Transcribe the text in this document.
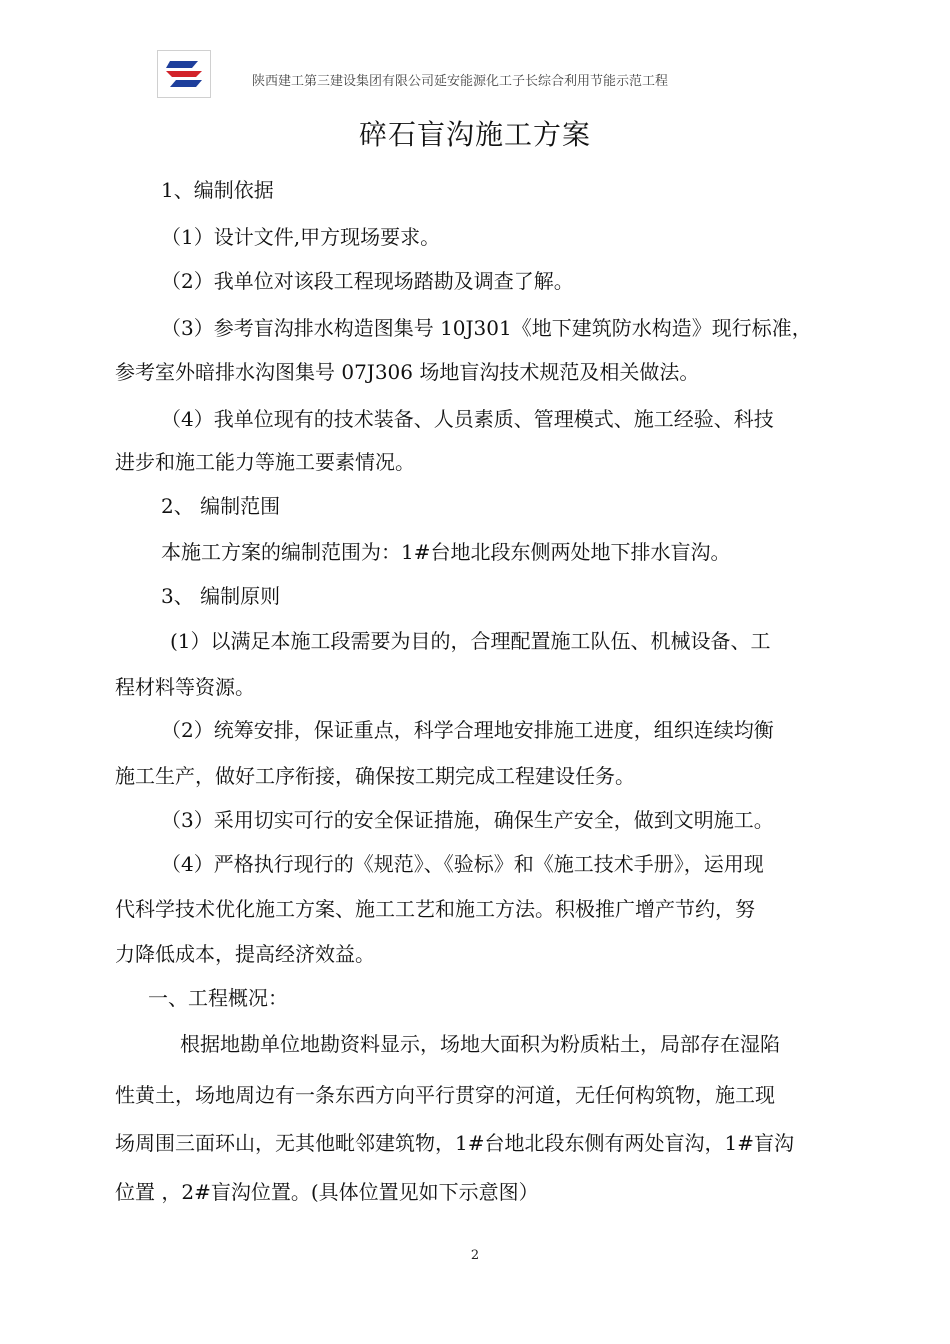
陕西建工第三建设集团有限公司延安能源化工子长综合利用节能示范工程
碎石盲沟施工方案
1、编制依据
（1）设计文件,甲方现场要求。
（2）我单位对该段工程现场踏勘及调查了解。
（3）参考盲沟排水构造图集号 10J301《地下建筑防水构造》现行标准，
参考室外暗排水沟图集号 07J306 场地盲沟技术规范及相关做法。
（4）我单位现有的技术装备、人员素质、管理模式、施工经验、科技
进步和施工能力等施工要素情况。
2、 编制范围
本施工方案的编制范围为：1#台地北段东侧两处地下排水盲沟。
3、 编制原则
(1）以满足本施工段需要为目的，合理配置施工队伍、机械设备、工
程材料等资源。
（2）统筹安排，保证重点，科学合理地安排施工进度，组织连续均衡
施工生产，做好工序衔接，确保按工期完成工程建设任务。
（3）采用切实可行的安全保证措施，确保生产安全，做到文明施工。
（4）严格执行现行的《规范》、《验标》和《施工技术手册》，运用现
代科学技术优化施工方案、施工工艺和施工方法。积极推广增产节约，努
力降低成本，提高经济效益。
一、工程概况：
根据地勘单位地勘资料显示，场地大面积为粉质粘土，局部存在湿陷
性黄土，场地周边有一条东西方向平行贯穿的河道，无任何构筑物，施工现
场周围三面环山，无其他毗邻建筑物，1#台地北段东侧有两处盲沟，1#盲沟
位置 ，2#盲沟位置。(具体位置见如下示意图）
2
